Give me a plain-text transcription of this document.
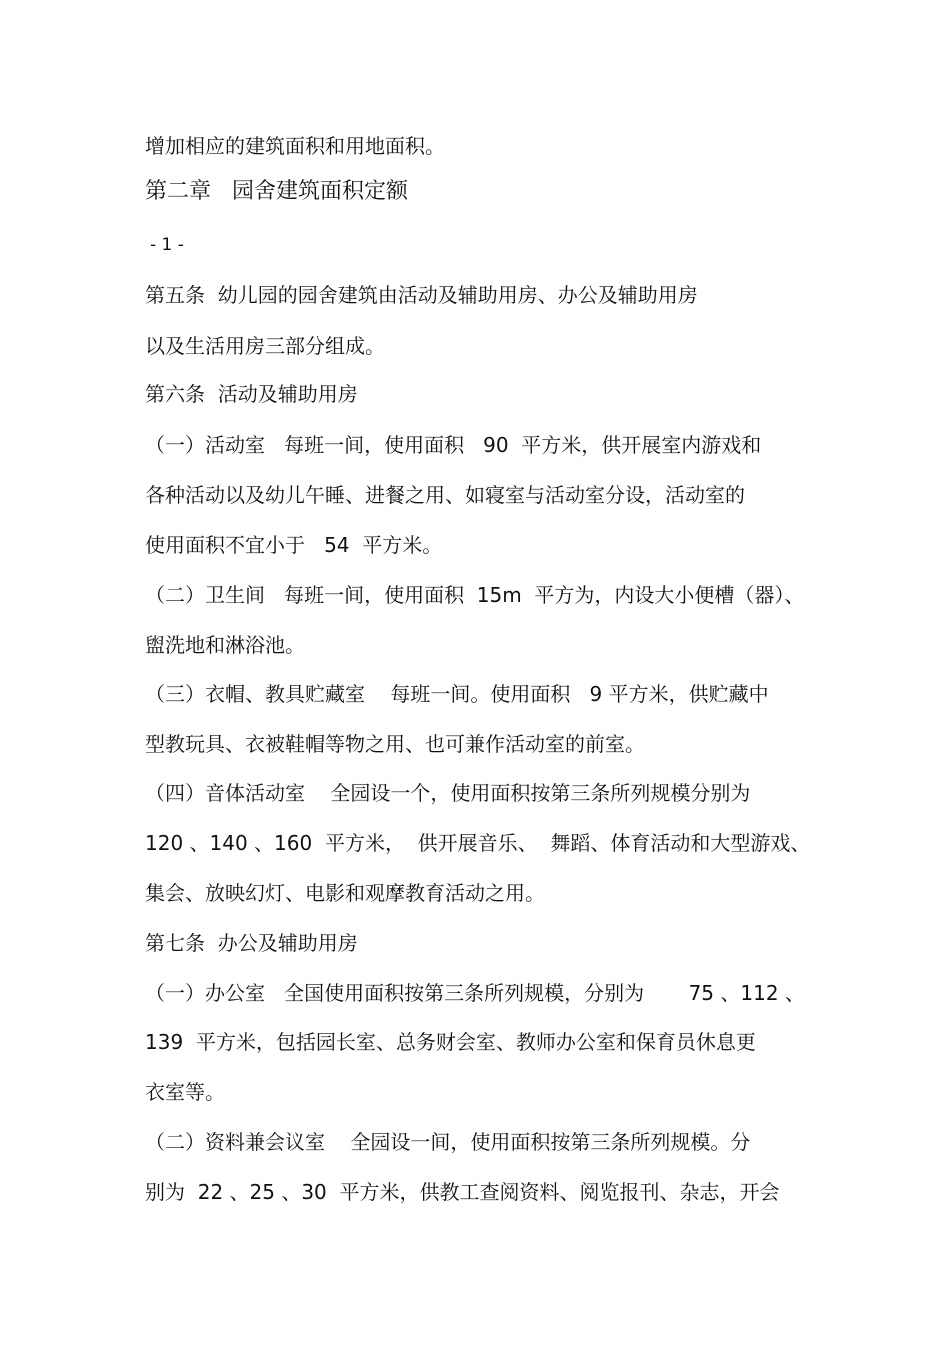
增加相应的建筑面积和用地面积。
第二章   园舍建筑面积定额
- 1 -
第五条  幼儿园的园舍建筑由活动及辅助用房、办公及辅助用房
以及生活用房三部分组成。
第六条  活动及辅助用房
（一）活动室   每班一间，使用面积   90  平方米，供开展室内游戏和
各种活动以及幼儿午睡、进餐之用、如寝室与活动室分设，活动室的
使用面积不宜小于   54  平方米。
（二）卫生间   每班一间，使用面积  15m  平方为，内设大小便槽（器）、
盥洗地和淋浴池。
（三）衣帽、教具贮藏室    每班一间。使用面积   9 平方米，供贮藏中
型教玩具、衣被鞋帽等物之用、也可兼作活动室的前室。
（四）音体活动室    全园设一个，使用面积按第三条所列规模分别为
120 、140 、160  平方米，  供开展音乐、  舞蹈、体育活动和大型游戏、
集会、放映幻灯、电影和观摩教育活动之用。
第七条  办公及辅助用房
（一）办公室   全国使用面积按第三条所列规模，分别为       75 、112 、
139  平方米，包括园长室、总务财会室、教师办公室和保育员休息更
衣室等。
（二）资料兼会议室    全园设一间，使用面积按第三条所列规模。分
别为  22 、25 、30  平方米，供教工查阅资料、阅览报刊、杂志，开会
